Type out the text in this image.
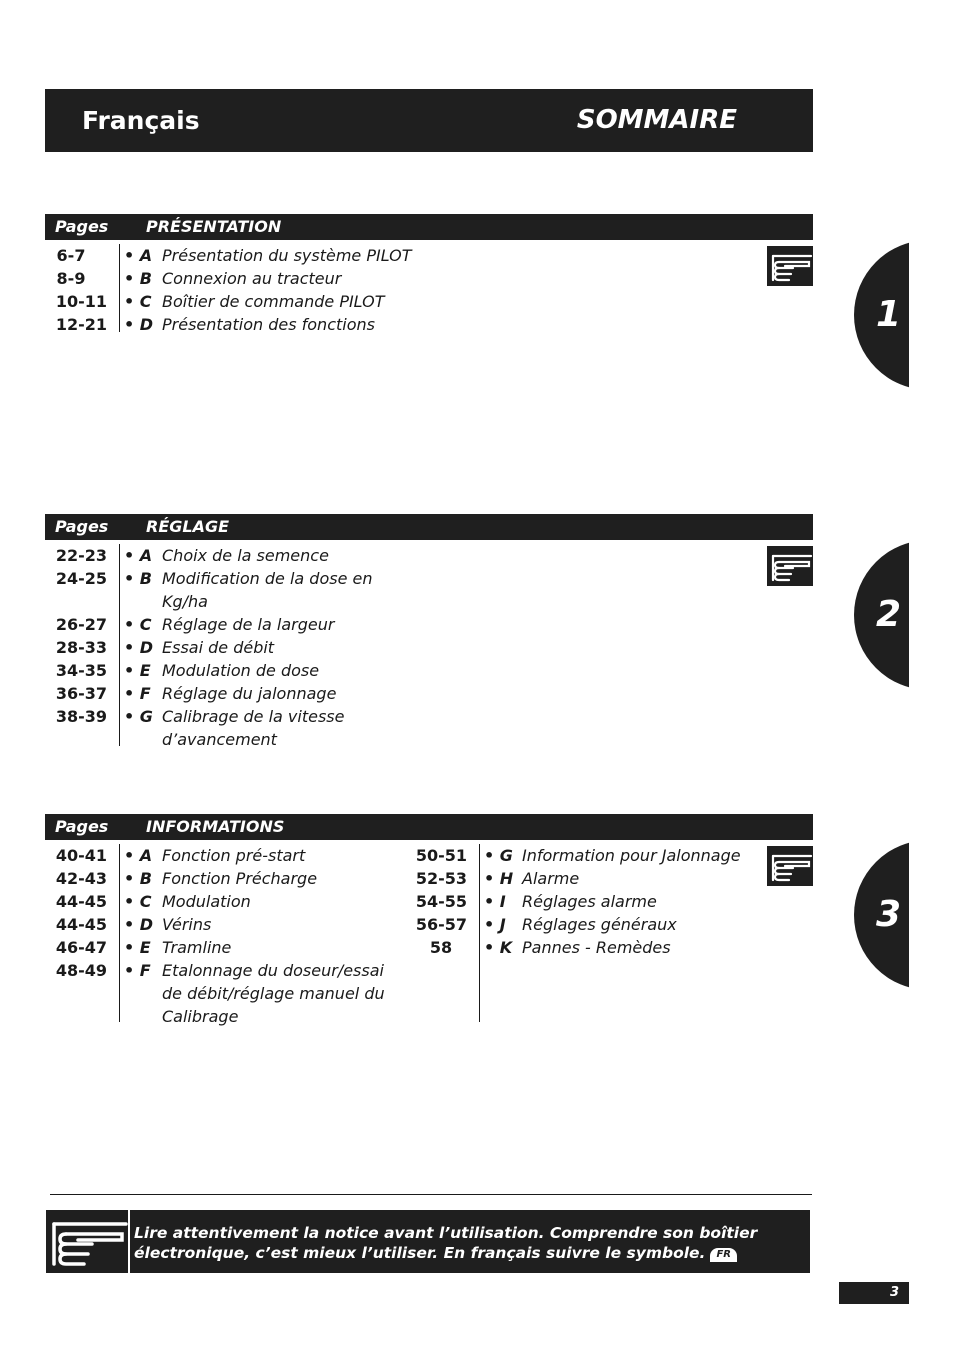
Français	SOMMAIRE
Pages PRÉSENTATION
6-7	• A Présentation du système PILOT
8-9	• B Connexion au tracteur
10-11 • C Boîtier de commande PILOT
12-21 • D Présentation des fonctions
Pages RÉGLAGE
22-23 • A Choix de la semence
24-25 • B Modification de la dose en Kg/ha
26-27 • C Réglage de la largeur
28-33 • D Essai de débit
34-35 • E Modulation de dose
36-37 • F Réglage du jalonnage
38-39 • G Calibrage de la vitesse d’avancement
Pages INFORMATIONS
40-41 • A Fonction pré-start
42-43 • B Fonction Précharge
44-45 • C Modulation
44-45 • D Vérins
46-47 • E Tramline
48-49 • F Etalonnage du doseur/essai de débit/réglage manuel du Calibrage
50-51 • G Information pour Jalonnage
52-53 • H Alarme
54-55 • I	Réglages alarme
56-57 • J	Réglages généraux
58	• K Pannes - Remèdes
1
2
3
Lire attentivement la notice avant l’utilisation. Comprendre son boîtier
électronique, c’est mieux l’utiliser. En français suivre le symbole. FR
3
